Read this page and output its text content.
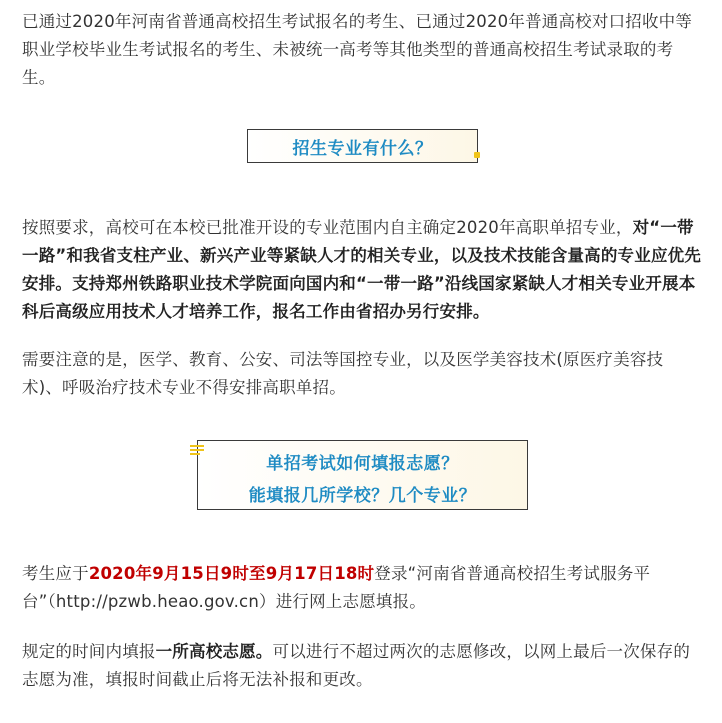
已通过2020年河南省普通高校招生考试报名的考生、已通过2020年普通高校对口招收中等职业学校毕业生考试报名的考生、未被统一高考等其他类型的普通高校招生考试录取的考生。

招生专业有什么？

按照要求，高校可在本校已批准开设的专业范围内自主确定2020年高职单招专业，对“一带一路”和我省支柱产业、新兴产业等紧缺人才的相关专业，以及技术技能含量高的专业应优先安排。支持郑州铁路职业技术学院面向国内和“一带一路”沿线国家紧缺人才相关专业开展本科后高级应用技术人才培养工作，报名工作由省招办另行安排。

需要注意的是，医学、教育、公安、司法等国控专业，以及医学美容技术(原医疗美容技术)、呼吸治疗技术专业不得安排高职单招。

单招考试如何填报志愿？
能填报几所学校？几个专业？

考生应于2020年9月15日9时至9月17日18时登录“河南省普通高校招生考试服务平台”（http://pzwb.heao.gov.cn）进行网上志愿填报。

规定的时间内填报一所高校志愿。可以进行不超过两次的志愿修改，以网上最后一次保存的志愿为准，填报时间截止后将无法补报和更改。
